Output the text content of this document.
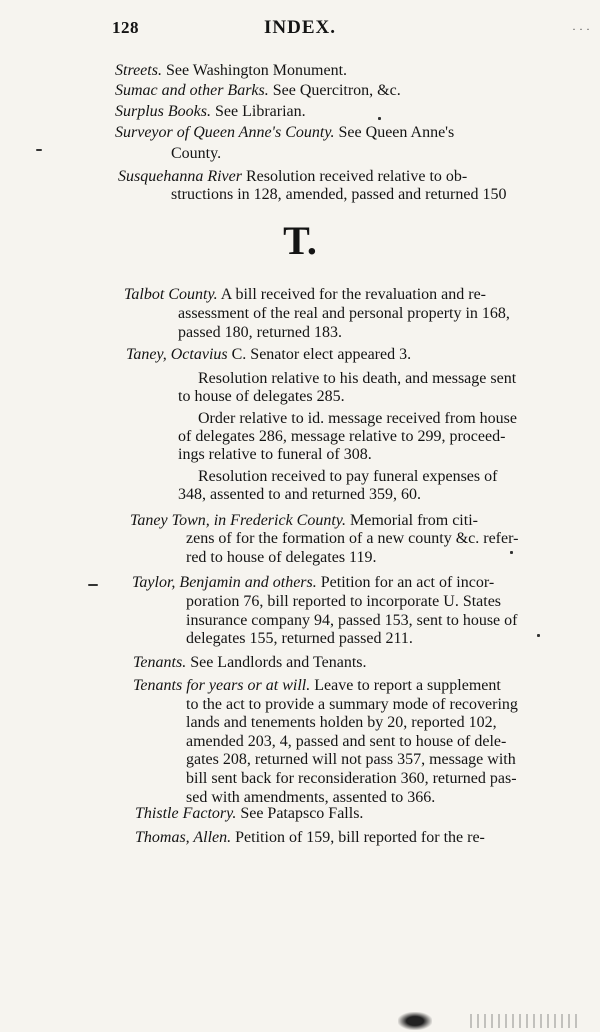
128	INDEX.	· · ·
Streets. See Washington Monument.
Sumac and other Barks. See Quercitron, &c.
Surplus Books. See Librarian.
Surveyor of Queen Anne's County. See Queen Anne's
County.
Susquehanna River Resolution received relative to ob-
structions in 128, amended, passed and returned 150
Talbot County. A bill received for the revaluation and re-
assessment of the real and personal property in 168,
passed 180, returned 183.
Taney, Octavius C. Senator elect appeared 3.
Resolution relative to his death, and message sent
to house of delegates 285.
Order relative to id. message received from house
of delegates 286, message relative to 299, proceed-
ings relative to funeral of 308.
Resolution received to pay funeral expenses of
348, assented to and returned 359, 60.
Taney Town, in Frederick County. Memorial from citi-
zens of for the formation of a new county &c. refer-
red to house of delegates 119.
Taylor, Benjamin and others. Petition for an act of incor-
poration 76, bill reported to incorporate U. States
insurance company 94, passed 153, sent to house of
delegates 155, returned passed 211.
Tenants. See Landlords and Tenants.
Tenants for years or at will. Leave to report a supplement
to the act to provide a summary mode of recovering
lands and tenements holden by 20, reported 102,
amended 203, 4, passed and sent to house of dele-
gates 208, returned will not pass 357, message with
bill sent back for reconsideration 360, returned pas-
sed with amendments, assented to 366.
Thistle Factory. See Patapsco Falls.
Thomas, Allen. Petition of 159, bill reported for the re-
T.
